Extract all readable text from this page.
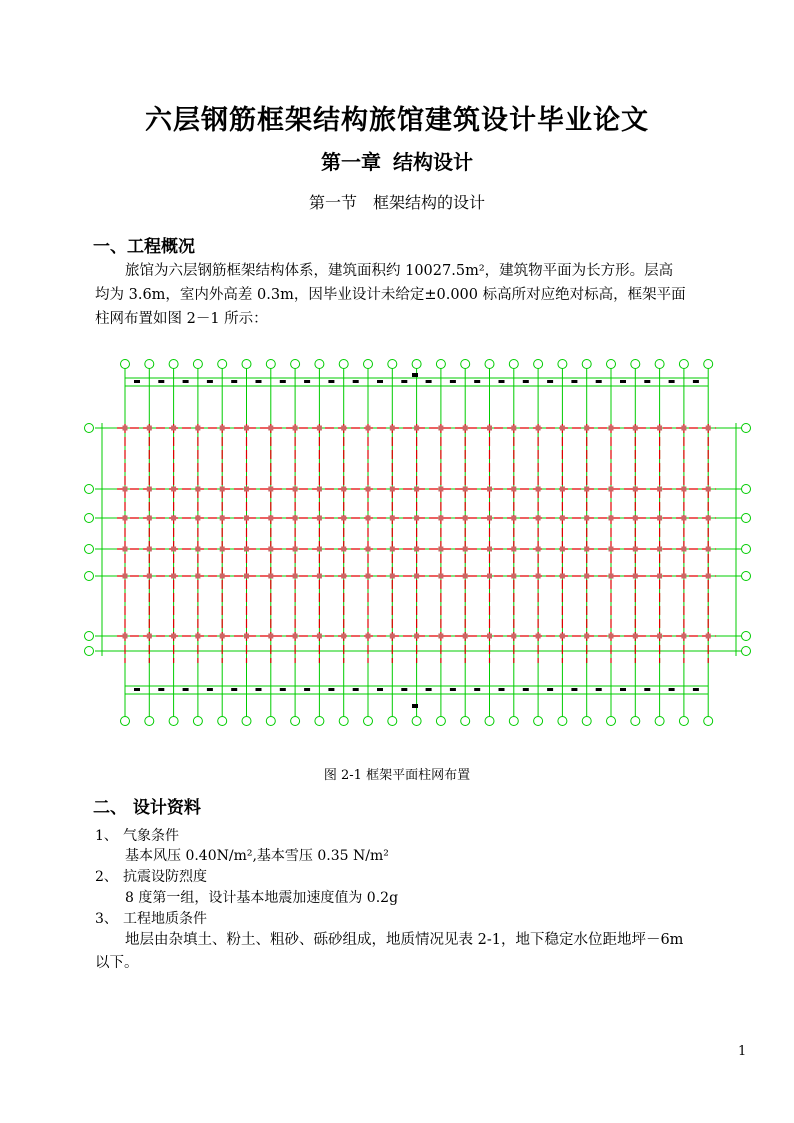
六层钢筋框架结构旅馆建筑设计毕业论文
第一章 结构设计
第一节 框架结构的设计
一、工程概况
旅馆为六层钢筋框架结构体系，建筑面积约 10027.5m²，建筑物平面为长方形。层高
均为 3.6m，室内外高差 0.3m，因毕业设计未给定±0.000 标高所对应绝对标高，框架平面
柱网布置如图 2－1 所示：
图 2-1 框架平面柱网布置
二、 设计资料
1、 气象条件
基本风压 0.40N/m²,基本雪压 0.35 N/m²
2、 抗震设防烈度
8 度第一组，设计基本地震加速度值为 0.2g
3、 工程地质条件
地层由杂填土、粉土、粗砂、砾砂组成，地质情况见表 2-1，地下稳定水位距地坪－6m
以下。
1
